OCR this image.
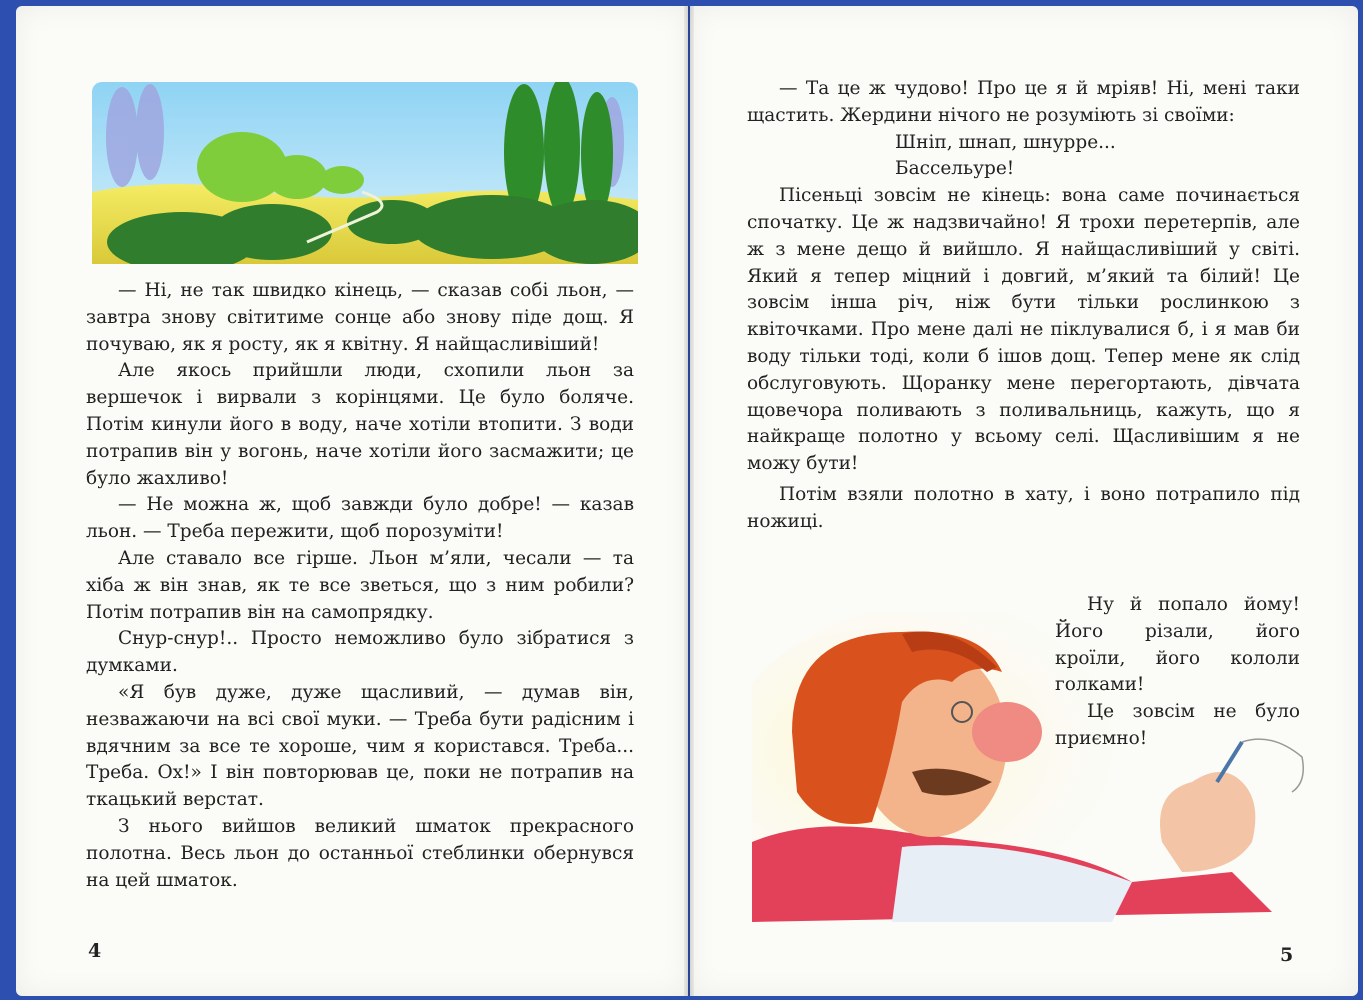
— Ні, не так швидко кінець, — сказав собі льон, — завтра знову світитиме сонце або знову піде дощ. Я почуваю, як я росту, як я квітну. Я найщасливіший!

Але якось прийшли люди, схопили льон за вершечок і вирвали з корінцями. Це було боляче. Потім кинули його в воду, наче хотіли втопити. З води потрапив він у вогонь, наче хотіли його засмажити; це було жахливо!

— Не можна ж, щоб завжди було добре! — казав льон. — Треба пережити, щоб порозуміти!

Але ставало все гірше. Льон м’яли, чесали — та хіба ж він знав, як те все зветься, що з ним робили? Потім потрапив він на самопрядку.

Снур-снур!.. Просто неможливо було зібратися з думками.

«Я був дуже, дуже щасливий, — думав він, незважаючи на всі свої муки. — Треба бути радісним і вдячним за все те хороше, чим я користався. Треба... Треба. Ох!» І він повторював це, поки не потрапив на ткацький верстат.

З нього вийшов великий шматок прекрасного полотна. Весь льон до останньої стеблинки обернувся на цей шматок.

— Та це ж чудово! Про це я й мріяв! Ні, мені таки щастить. Жердини нічого не розуміють зі своїми:

Шніп, шнап, шнурре...

Бассельуре!

Пісеньці зовсім не кінець: вона саме починається спочатку. Це ж надзвичайно! Я трохи перетерпів, але ж з мене дещо й вийшло. Я найщасливіший у світі. Який я тепер міцний і довгий, м’який та білий! Це зовсім інша річ, ніж бути тільки рослинкою з квіточками. Про мене далі не піклувалися б, і я мав би воду тільки тоді, коли б ішов дощ. Тепер мене як слід обслуговують. Щоранку мене перегортають, дівчата щовечора поливають з поливальниць, кажуть, що я найкраще полотно у всьому селі. Щасливішим я не можу бути!

Потім взяли полотно в хату, і воно потрапило під ножиці.

Ну й попало йому! Його різали, його кроїли, його кололи голками!

Це зовсім не було приємно!

4	5
